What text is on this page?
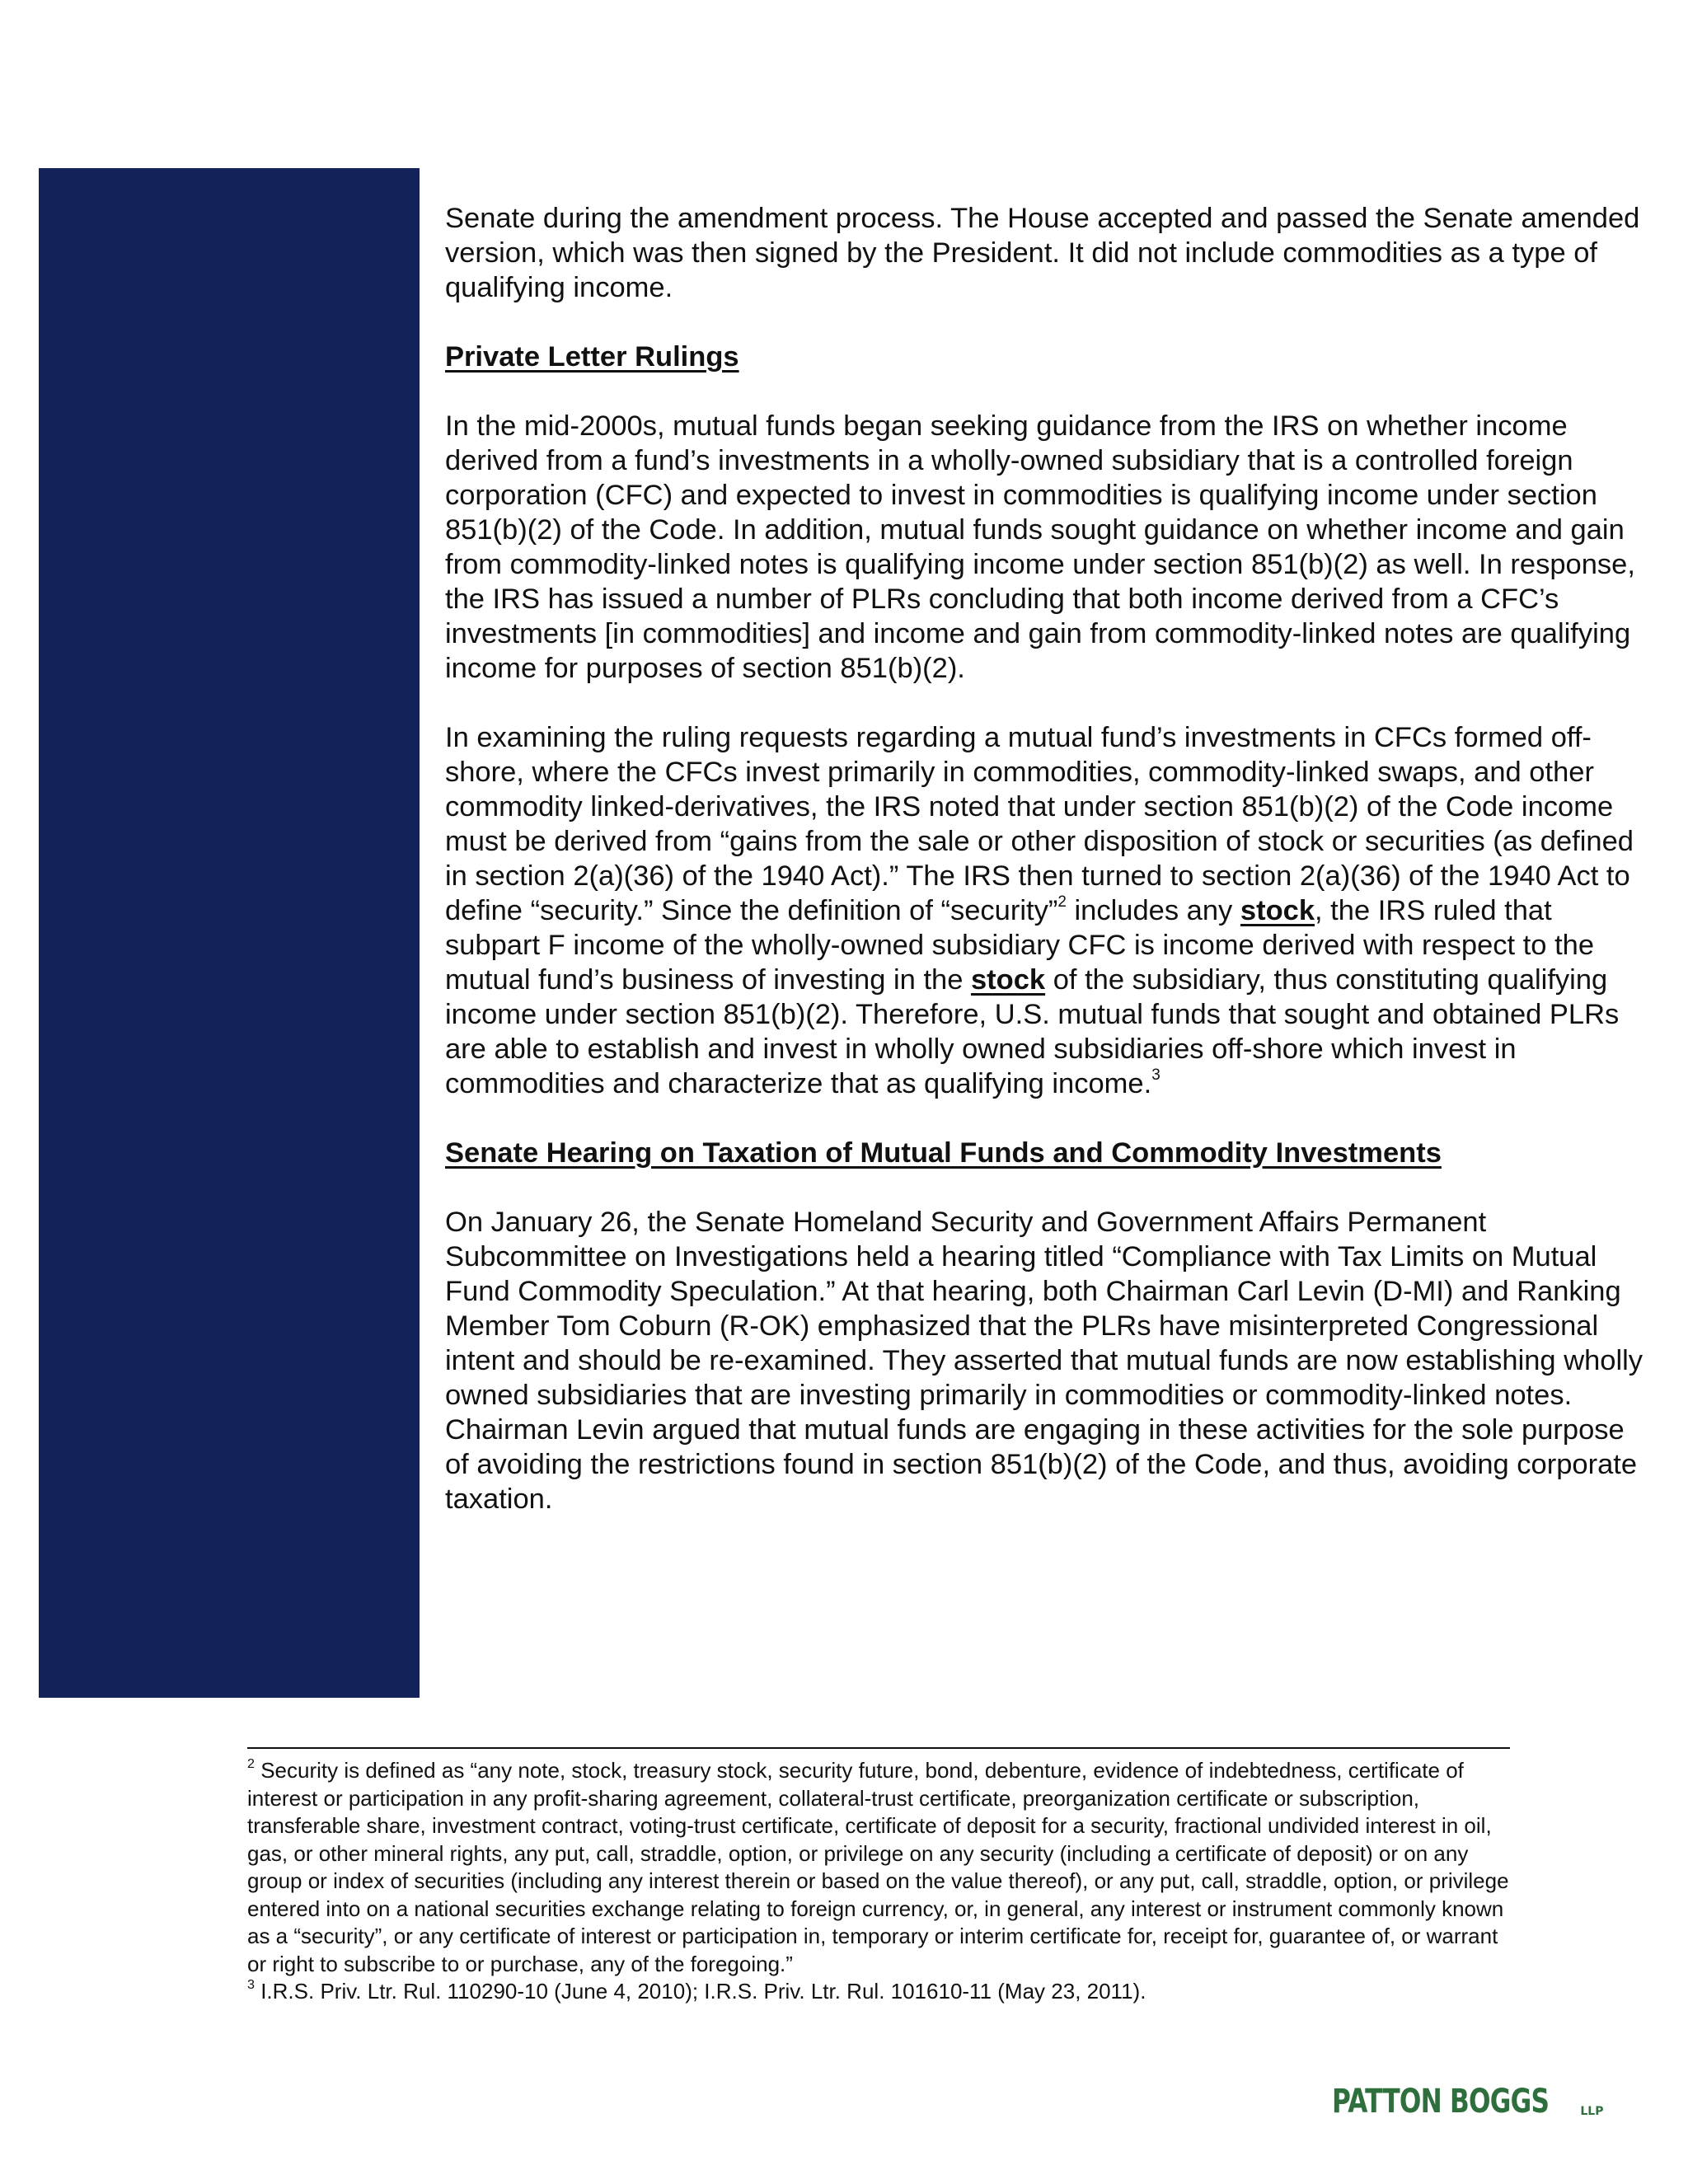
Senate during the amendment process. The House accepted and passed the Senate amended version, which was then signed by the President. It did not include commodities as a type of qualifying income.

Private Letter Rulings

In the mid-2000s, mutual funds began seeking guidance from the IRS on whether income derived from a fund’s investments in a wholly-owned subsidiary that is a controlled foreign corporation (CFC) and expected to invest in commodities is qualifying income under section 851(b)(2) of the Code. In addition, mutual funds sought guidance on whether income and gain from commodity-linked notes is qualifying income under section 851(b)(2) as well. In response, the IRS has issued a number of PLRs concluding that both income derived from a CFC’s investments [in commodities] and income and gain from commodity-linked notes are qualifying income for purposes of section 851(b)(2).

In examining the ruling requests regarding a mutual fund’s investments in CFCs formed off-shore, where the CFCs invest primarily in commodities, commodity-linked swaps, and other commodity linked-derivatives, the IRS noted that under section 851(b)(2) of the Code income must be derived from “gains from the sale or other disposition of stock or securities (as defined in section 2(a)(36) of the 1940 Act).” The IRS then turned to section 2(a)(36) of the 1940 Act to define “security.” Since the definition of “security”$^2$ includes any stock, the IRS ruled that subpart F income of the wholly-owned subsidiary CFC is income derived with respect to the mutual fund’s business of investing in the stock of the subsidiary, thus constituting qualifying income under section 851(b)(2). Therefore, U.S. mutual funds that sought and obtained PLRs are able to establish and invest in wholly owned subsidiaries off-shore which invest in commodities and characterize that as qualifying income.$^3$

Senate Hearing on Taxation of Mutual Funds and Commodity Investments

On January 26, the Senate Homeland Security and Government Affairs Permanent Subcommittee on Investigations held a hearing titled “Compliance with Tax Limits on Mutual Fund Commodity Speculation.” At that hearing, both Chairman Carl Levin (D-MI) and Ranking Member Tom Coburn (R-OK) emphasized that the PLRs have misinterpreted Congressional intent and should be re-examined. They asserted that mutual funds are now establishing wholly owned subsidiaries that are investing primarily in commodities or commodity-linked notes. Chairman Levin argued that mutual funds are engaging in these activities for the sole purpose of avoiding the restrictions found in section 851(b)(2) of the Code, and thus, avoiding corporate taxation.

$^2$ Security is defined as “any note, stock, treasury stock, security future, bond, debenture, evidence of indebtedness, certificate of interest or participation in any profit-sharing agreement, collateral-trust certificate, preorganization certificate or subscription, transferable share, investment contract, voting-trust certificate, certificate of deposit for a security, fractional undivided interest in oil, gas, or other mineral rights, any put, call, straddle, option, or privilege on any security (including a certificate of deposit) or on any group or index of securities (including any interest therein or based on the value thereof), or any put, call, straddle, option, or privilege entered into on a national securities exchange relating to foreign currency, or, in general, any interest or instrument commonly known as a “security”, or any certificate of interest or participation in, temporary or interim certificate for, receipt for, guarantee of, or warrant or right to subscribe to or purchase, any of the foregoing.”

$^3$ I.R.S. Priv. Ltr. Rul. 110290-10 (June 4, 2010); I.R.S. Priv. Ltr. Rul. 101610-11 (May 23, 2011).

PATTON BOGGS	LLP
